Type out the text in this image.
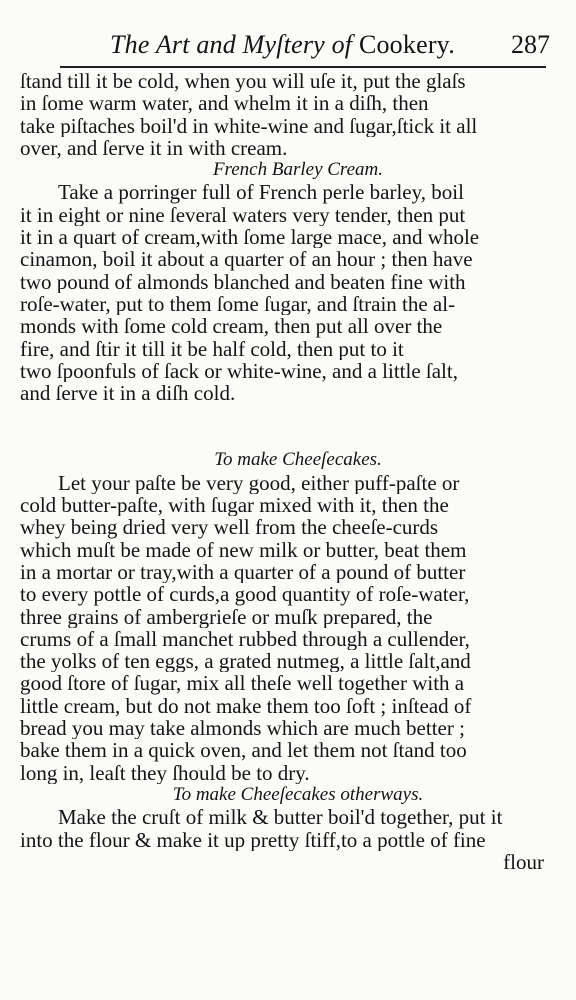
The Art and Myſtery of Cookery. 287
ſtand till it be cold, when you will uſe it, put the glaſs
in ſome warm water, and whelm it in a diſh, then
take piſtaches boil'd in white-wine and ſugar,ſtick it all
over, and ſerve it in with cream.
French Barley Cream.
Take a porringer full of French perle barley, boil
it in eight or nine ſeveral waters very tender, then put
it in a quart of cream,with ſome large mace, and whole
cinamon, boil it about a quarter of an hour ; then have
two pound of almonds blanched and beaten fine with
roſe-water, put to them ſome ſugar, and ſtrain the al-
monds with ſome cold cream, then put all over the
fire, and ſtir it till it be half cold, then put to it
two ſpoonfuls of ſack or white-wine, and a little ſalt,
and ſerve it in a diſh cold.
To make Cheeſecakes.
Let your paſte be very good, either puff-paſte or
cold butter-paſte, with ſugar mixed with it, then the
whey being dried very well from the cheeſe-curds
which muſt be made of new milk or butter, beat them
in a mortar or tray,with a quarter of a pound of butter
to every pottle of curds,a good quantity of roſe-water,
three grains of ambergrieſe or muſk prepared, the
crums of a ſmall manchet rubbed through a cullender,
the yolks of ten eggs, a grated nutmeg, a little ſalt,and
good ſtore of ſugar, mix all theſe well together with a
little cream, but do not make them too ſoft ; inſtead of
bread you may take almonds which are much better ;
bake them in a quick oven, and let them not ſtand too
long in, leaſt they ſhould be to dry.
To make Cheeſecakes otherways.
Make the cruſt of milk & butter boil'd together, put it
into the flour & make it up pretty ſtiff,to a pottle of fine
flour
